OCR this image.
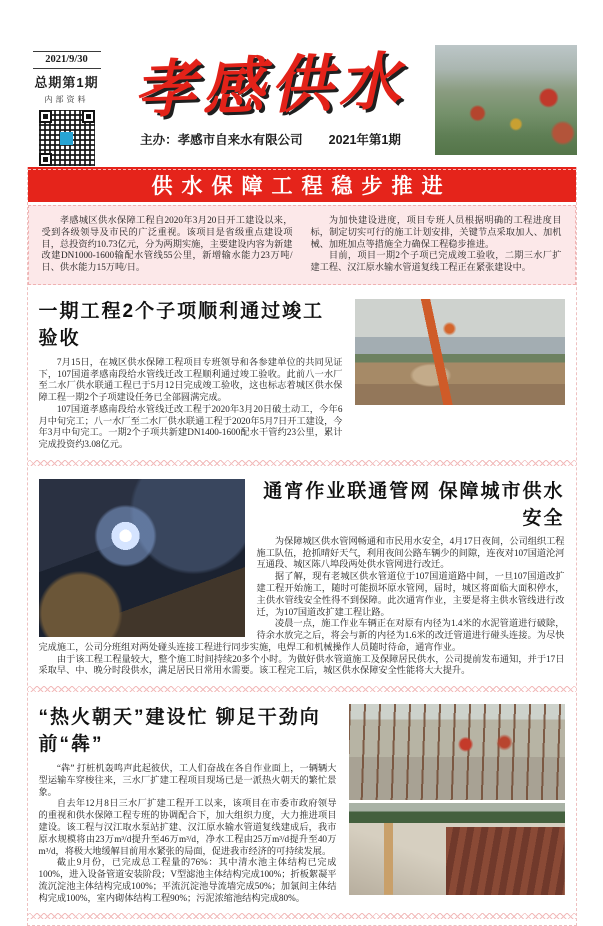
2021/9/30
总期第1期
内部资料 孝感供水
主办：孝感市自来水有限公司 2021年第1期
供水保障工程稳步推进

孝感城区供水保障工程自2020年3月20日开工建设以来，受到各级领导及市民的广泛重视。该项目是省级重点建设项目，总投资约10.73亿元，分为两期实施，主要建设内容为新建改建DN1000-1600输配水管线55公里，新增输水能力23万吨/日、供水能力15万吨/日。

为加快建设进度，项目专班人员根据明确的工程进度目标，制定切实可行的施工计划安排，关键节点采取加人、加机械、加班加点等措施全力确保工程稳步推进。

目前，项目一期2个子项已完成竣工验收，二期三水厂扩建工程、汉江原水输水管道复线工程正在紧张建设中。

一期工程2个子项顺利通过竣工验收

7月15日，在城区供水保障工程项目专班领导和各参建单位的共同见证下，107国道孝感南段给水管线迁改工程顺利通过竣工验收。此前八一水厂至二水厂供水联通工程已于5月12日完成竣工验收，这也标志着城区供水保障工程一期2个子项建设任务已全部圆满完成。

107国道孝感南段给水管线迁改工程于2020年3月20日破土动工，今年6月中旬完工；八一水厂至二水厂供水联通工程于2020年5月7日开工建设，今年3月中旬完工。一期2个子项共新建DN1400-1600配水干管约23公里，累计完成投资约3.08亿元。

通宵作业联通管网 保障城市供水安全

为保障城区供水管网畅通和市民用水安全，4月17日夜间，公司组织工程施工队伍，抢抓晴好天气，利用夜间公路车辆少的间隙，连夜对107国道沦河互通段、城区陈八埠段两处供水管网进行改迁。

据了解，现有老城区供水管道位于107国道道路中间，一旦107国道改扩建工程开始施工，随时可能损坏原水管网，届时，城区将面临大面积停水，主供水管线安全性得不到保障。此次通宵作业，主要是将主供水管线进行改迁，为107国道改扩建工程让路。

凌晨一点，施工作业车辆正在对原有内径为1.4米的水泥管道进行破除，待余水放完之后，将会与新的内径为1.6米的改迁管道进行碰头连接。为尽快完成施工，公司分班组对两处碰头连接工程进行同步实施，电焊工和机械操作人员随时待命，通宵作业。

由于该工程工程量较大，整个施工时间持续20多个小时。为做好供水管道施工及保障居民供水，公司提前发布通知，并于17日采取早、中、晚分时段供水，满足居民日常用水需要。该工程完工后，城区供水保障安全性能将大大提升。

“热火朝天”建设忙 铆足干劲向前“犇”

“犇” 打桩机轰鸣声此起彼伏，工人们奋战在各自作业面上，一辆辆大型运输车穿梭往来，三水厂扩建工程项目现场已是一派热火朝天的繁忙景象。

自去年12月8日三水厂扩建工程开工以来，该项目在市委市政府领导的重视和供水保障工程专班的协调配合下，加大组织力度，大力推进项目建设。该工程与汉江取水泵站扩建、汉江原水输水管道复线建成后，我市原水规模将由23万m³/d提升至46万m³/d，净水工程由25万m³/d提升至40万m³/d，将极大地缓解目前用水紧张的局面，促进我市经济的可持续发展。

截止9月份，已完成总工程量的76%：其中清水池主体结构已完成100%，进入设备管道安装阶段；V型滤池主体结构完成100%；折板絮凝平流沉淀池主体结构完成100%；平流沉淀池导流墙完成50%；加氯间主体结构完成100%，室内砌体结构工程90%；污泥浓缩池结构完成80%。
